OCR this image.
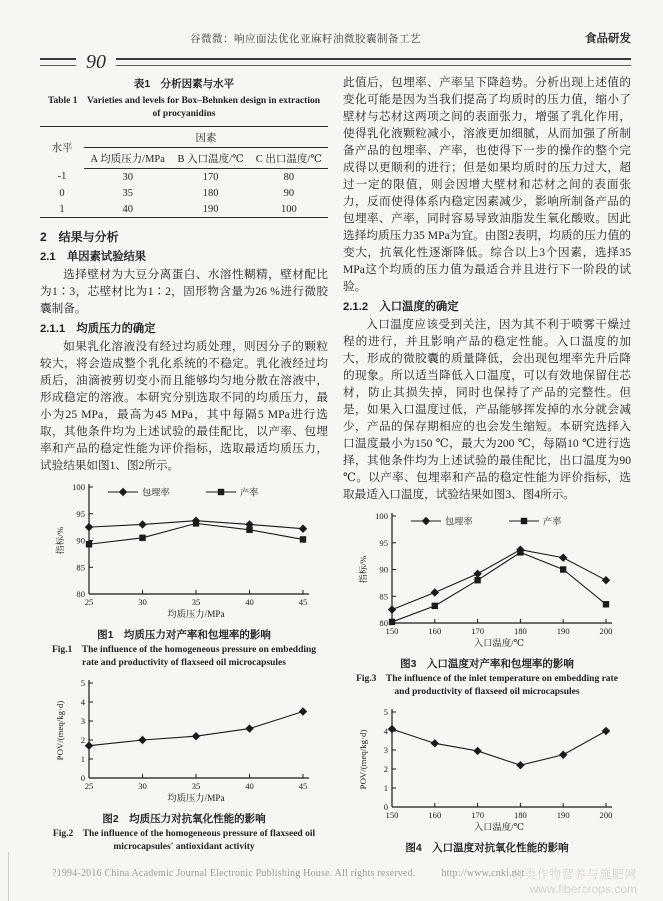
谷微微：响应面法优化亚麻籽油微胶囊制备工艺	食品研发
90
表1　分析因素与水平
Table 1　Varieties and levels for Box–Behnken design in extraction
of procyanidins
水平	因素		
	A 均质压力/MPa	B 入口温度/℃	C 出口温度/℃
-1	30	170	80
0	35	180	90
1	40	190	100
2　结果与分析
2.1　单因素试验结果

选择壁材为大豆分离蛋白、水溶性糊精，壁材配比为1∶3，芯壁材比为1∶2，固形物含量为26 %进行微胶囊制备。

2.1.1　均质压力的确定

如果乳化溶液没有经过均质处理，则因分子的颗粒较大，将会造成整个乳化系统的不稳定。乳化液经过均质后，油滴被剪切变小而且能够均匀地分散在溶液中，形成稳定的溶液。本研究分别选取不同的均质压力，最小为25 MPa，最高为45 MPa，其中每隔5 MPa进行选取，其他条件均为上述试验的最佳配比，以产率、包埋率和产品的稳定性能为评价指标，选取最适均质压力，试验结果如图1、图2所示。

80
85
90
95
100
25	30	35	40	45
均质压力/MPa
指标/%
包埋率	产率
图1　均质压力对产率和包埋率的影响
Fig.1　The influence of the homogeneous pressure on embedding
rate and productivity of flaxseed oil microcapsules
0
1
2
3
4
5
25	30	35	40	45
均质压力/MPa
POV/(meq/kg·d)
图2　均质压力对抗氧化性能的影响
Fig.2　The influence of the homogeneous pressure of flaxseed oil
microcapsules' antioxidant activity

此值后，包埋率、产率呈下降趋势。分析出现上述值的变化可能是因为当我们提高了均质时的压力值，缩小了壁材与芯材这两项之间的表面张力，增强了乳化作用，使得乳化液颗粒减小，溶液更加细腻，从而加强了所制备产品的包埋率、产率，也使得下一步的操作的整个完成得以更顺利的进行；但是如果均质时的压力过大，超过一定的限值，则会因增大壁材和芯材之间的表面张力，反而使得体系内稳定因素减少，影响所制备产品的包埋率、产率，同时容易导致油脂发生氧化酸败。因此选择均质压力35 MPa为宜。由图2表明，均质的压力值的变大，抗氧化性逐渐降低。综合以上3个因素，选择35 MPa这个均质的压力值为最适合并且进行下一阶段的试验。

2.1.2　入口温度的确定

入口温度应该受到关注，因为其不利于喷雾干燥过程的进行，并且影响产品的稳定性能。入口温度的加大，形成的微胶囊的质量降低，会出现包埋率先升后降的现象。所以适当降低入口温度，可以有效地保留住芯材，防止其损失掉，同时也保持了产品的完整性。但是，如果入口温度过低，产品能够挥发掉的水分就会减少，产品的保存期相应的也会发生缩短。本研究选择入口温度最小为150 ℃，最大为200 ℃，每隔10 ℃进行选择，其他条件均为上述试验的最佳配比，出口温度为90 ℃。以产率、包埋率和产品的稳定性能为评价指标，选取最适入口温度，试验结果如图3、图4所示。

80
85
90
95
100
150	160	170	180	190	200
入口温度/℃
指标/%
包埋率	产率
图3　入口温度对产率和包埋率的影响
Fig.3　The influence of the inlet temperature on embedding rate
and productivity of flaxseed oil microcapsules
0
1
2
3
4
5
150	160	170	180	190	200
入口温度/℃
POV/(meq/kg·d)
图4　入口温度对抗氧化性能的影响
?1994-2016 China Academic Journal Electronic Publishing House. All rights reserved.	http://www.cnki.net
麻类作物营养与施肥网
www.fibercrops.com
